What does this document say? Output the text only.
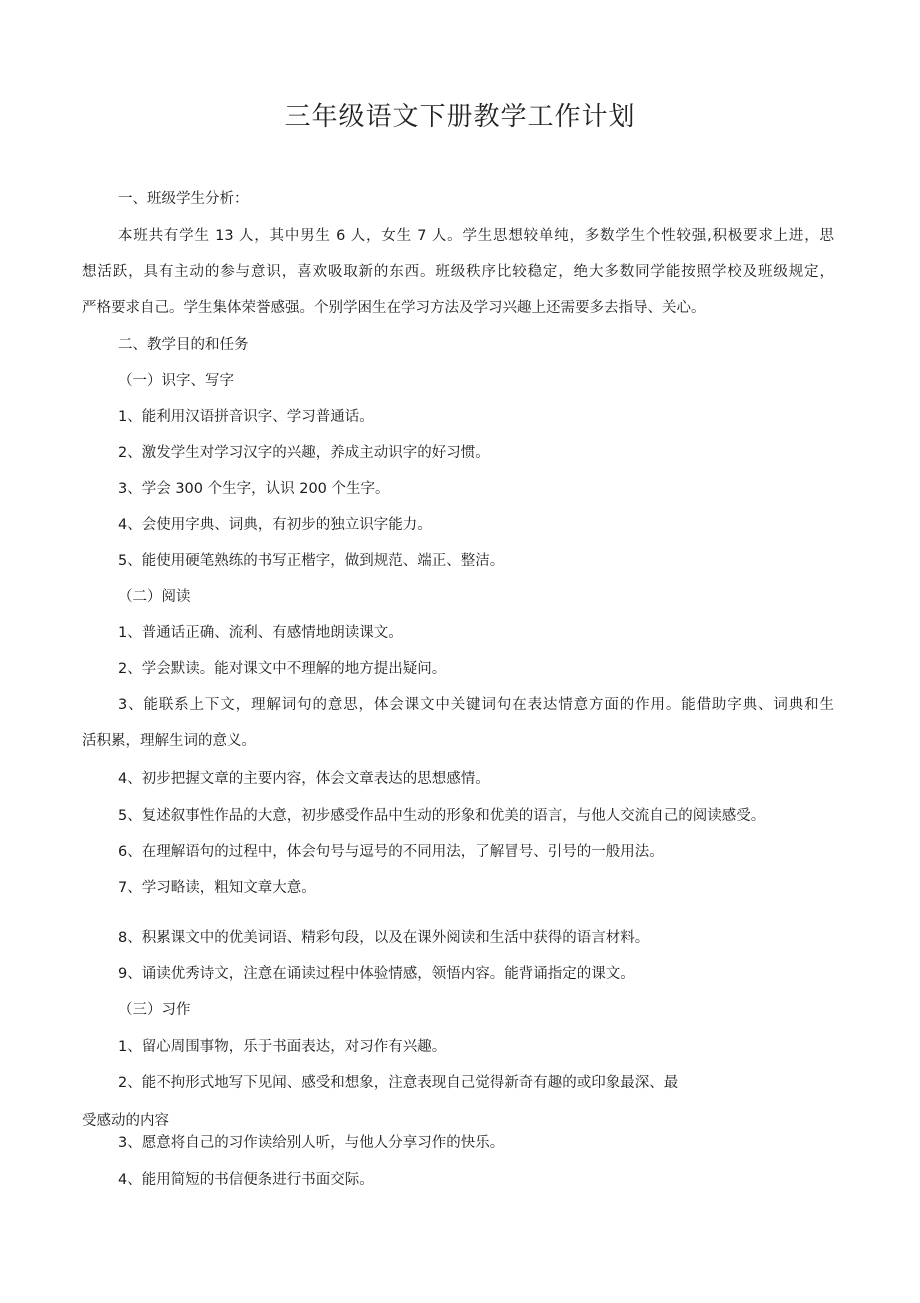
三年级语文下册教学工作计划
一、班级学生分析：
本班共有学生 13 人，其中男生 6 人，女生 7 人。学生思想较单纯，多数学生个性较强,积极要求上进，思
想活跃，具有主动的参与意识，喜欢吸取新的东西。班级秩序比较稳定，绝大多数同学能按照学校及班级规定，
严格要求自己。学生集体荣誉感强。个别学困生在学习方法及学习兴趣上还需要多去指导、关心。
二、教学目的和任务
（一）识字、写字
1、能利用汉语拼音识字、学习普通话。
2、激发学生对学习汉字的兴趣，养成主动识字的好习惯。
3、学会 300 个生字，认识 200 个生字。
4、会使用字典、词典，有初步的独立识字能力。
5、能使用硬笔熟练的书写正楷字，做到规范、端正、整洁。
（二）阅读
1、普通话正确、流利、有感情地朗读课文。
2、学会默读。能对课文中不理解的地方提出疑问。
3、能联系上下文，理解词句的意思，体会课文中关键词句在表达情意方面的作用。能借助字典、词典和生
活积累，理解生词的意义。
4、初步把握文章的主要内容，体会文章表达的思想感情。
5、复述叙事性作品的大意，初步感受作品中生动的形象和优美的语言，与他人交流自己的阅读感受。
6、在理解语句的过程中，体会句号与逗号的不同用法，了解冒号、引号的一般用法。
7、学习略读，粗知文章大意。
8、积累课文中的优美词语、精彩句段，以及在课外阅读和生活中获得的语言材料。
9、诵读优秀诗文，注意在诵读过程中体验情感，领悟内容。能背诵指定的课文。
（三）习作
1、留心周围事物，乐于书面表达，对习作有兴趣。
2、能不拘形式地写下见闻、感受和想象，注意表现自己觉得新奇有趣的或印象最深、最
受感动的内容
3、愿意将自己的习作读给别人听，与他人分享习作的快乐。
4、能用简短的书信便条进行书面交际。
